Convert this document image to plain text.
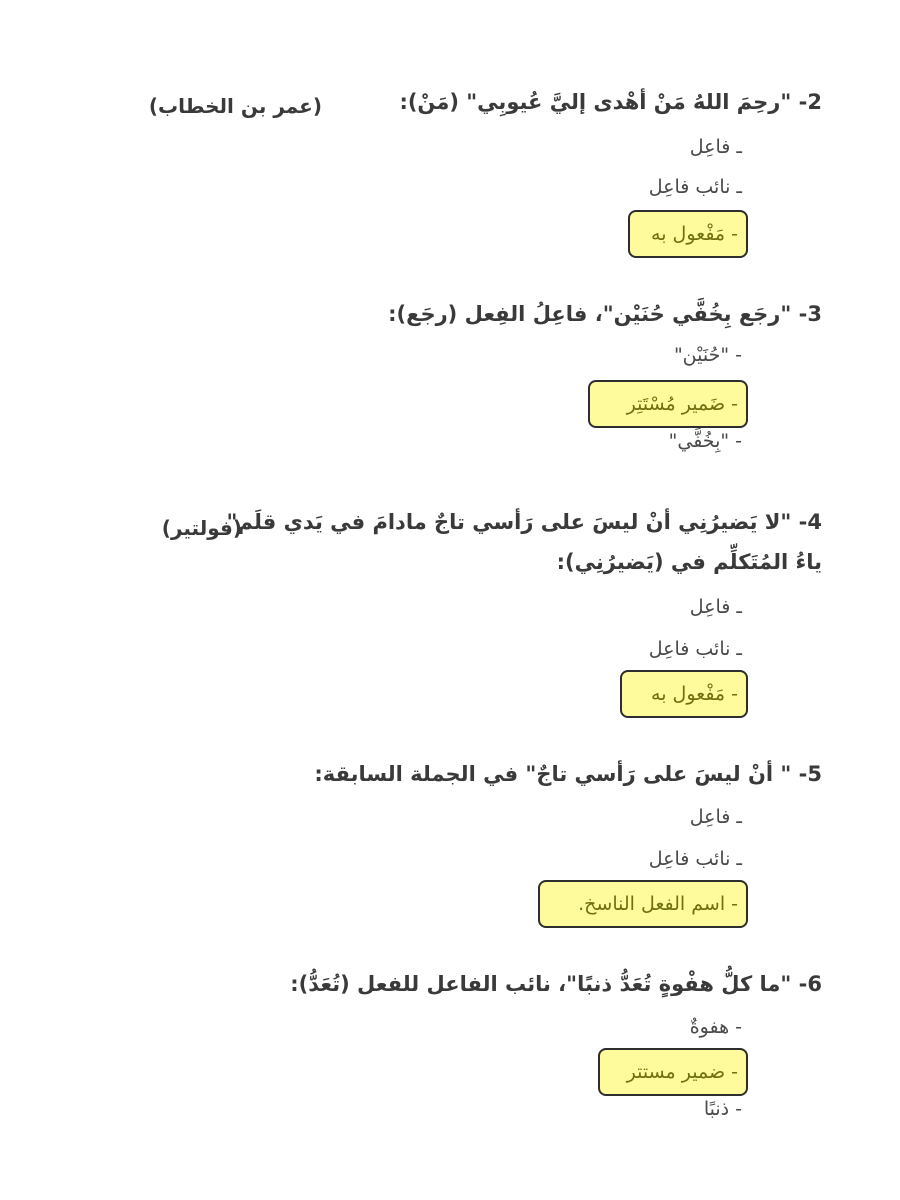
2- "رحِمَ اللهُ مَنْ أهْدى إليَّ عُيوبِي" (مَنْ):
(عمر بن الخطاب)
ـ فاعِل
ـ نائب فاعِل
- مَفْعول به
3- "رجَع بِخُفَّي حُنَيْن"، فاعِلُ الفِعل (رجَع):
- "حُنَيْن"
- ضَمير مُسْتَتِر
- "بِخُفَّي"
4- "لا يَضيرُنِي أنْ ليسَ على رَأسي تاجٌ مادامَ في يَدي قلَم"
(فولتير)
ياءُ المُتَكلِّم في (يَضيرُنِي):
ـ فاعِل
ـ نائب فاعِل
- مَفْعول به
5- " أنْ ليسَ على رَأسي تاجٌ" في الجملة السابقة:
ـ فاعِل
ـ نائب فاعِل
- اسم الفعل الناسخ.
6- "ما كلُّ هفْوةٍ تُعَدُّ ذنبًا"، نائب الفاعل للفعل (تُعَدُّ):
- هفوةٌ
- ضمير مستتر
- ذنبًا
